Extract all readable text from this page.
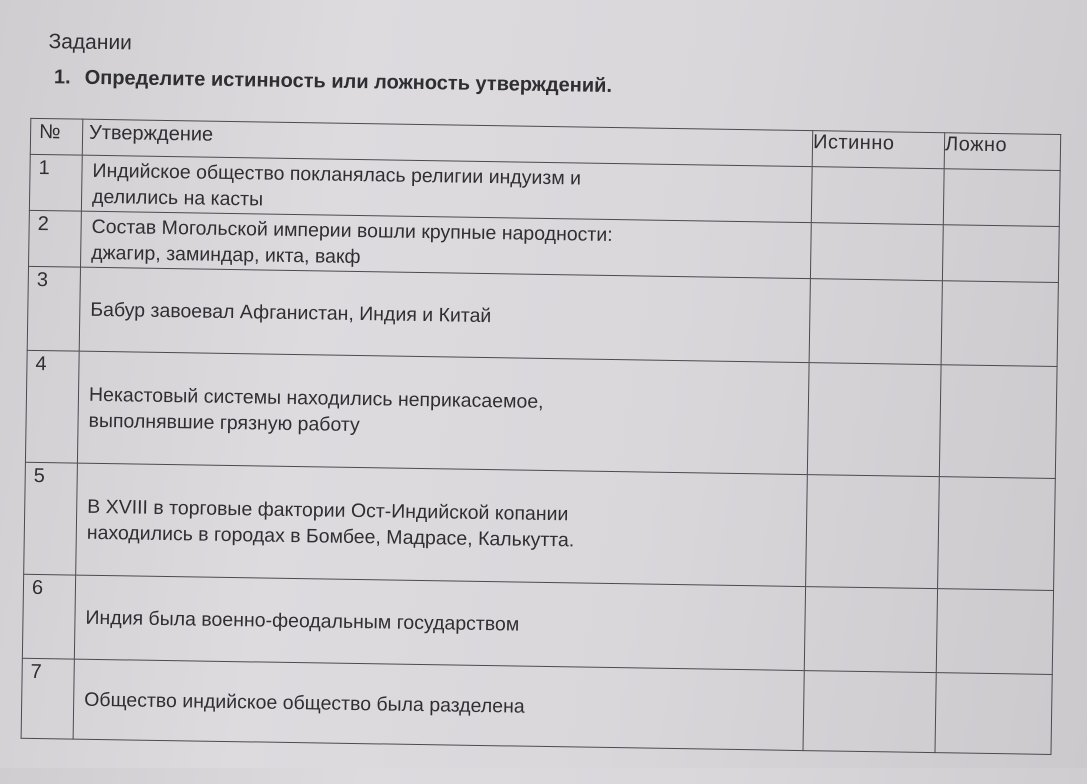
Задании

1. Определите истинность или ложность утверждений.

№	Утверждение	Истинно	Ложно
1	Индийское общество покланялась религии индуизм и
делились на касты		

2	Состав Могольской империи вошли крупные народности:
джагир, заминдар, икта, вакф		

3	Бабур завоевал Афганистан, Индия и Китай		

4	Некастовый системы находились неприкасаемое,
выполнявшие грязную работу		

5	В XVIII в торговые фактории Ост-Индийской копании
находились в городах в Бомбее, Мадрасе, Калькутта.		

6	Индия была военно-феодальным государством		

7	Общество индийское общество была разделена		
